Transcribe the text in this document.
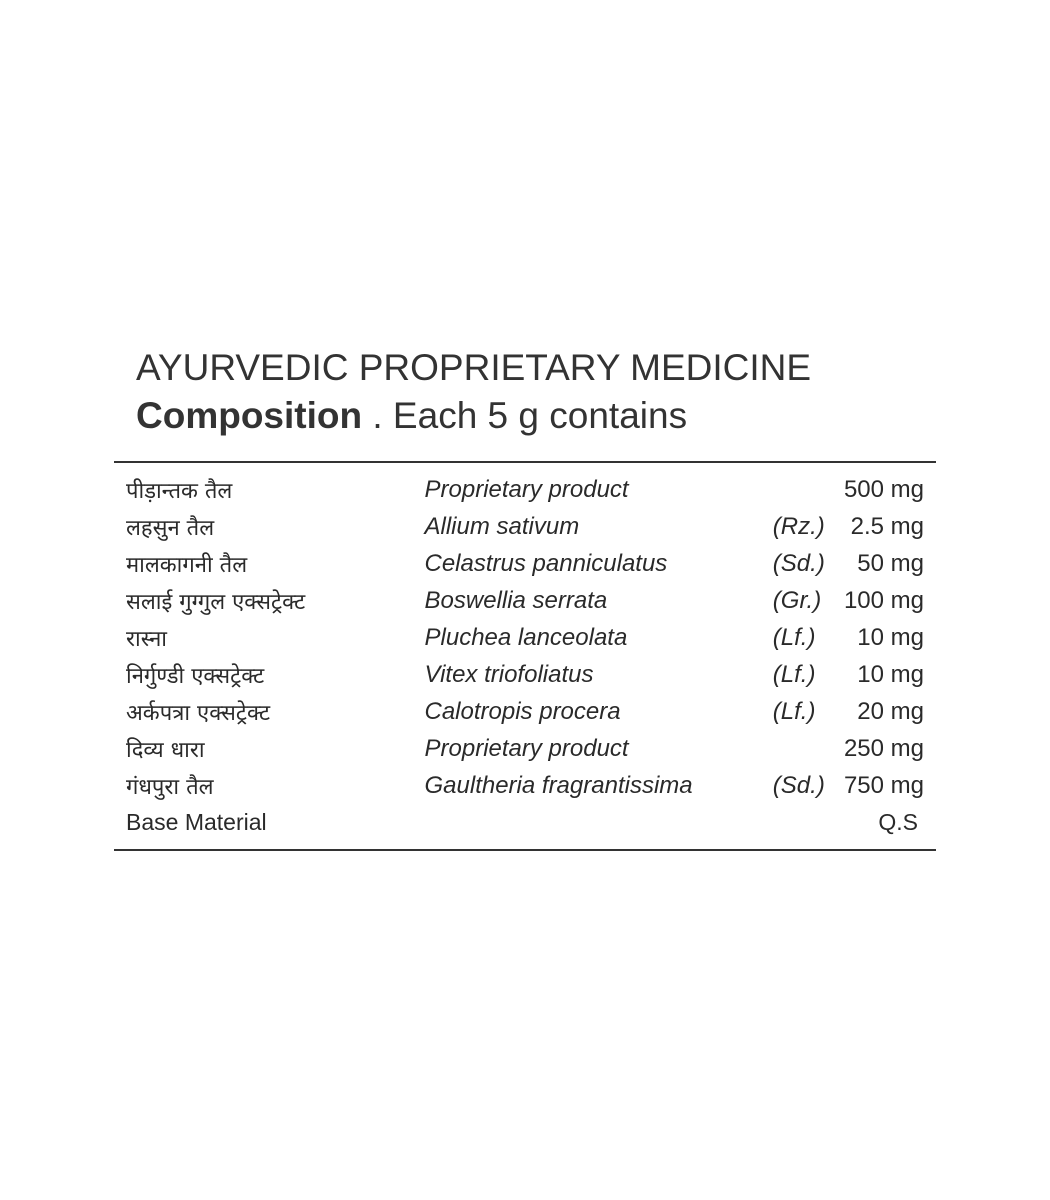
AYURVEDIC PROPRIETARY MEDICINE
Composition . Each 5 g contains
पीड़ान्तक तैल	Proprietary product		500 mg
लहसुन तैल	Allium sativum	(Rz.)	2.5 mg
मालकागनी तैल	Celastrus panniculatus	(Sd.)	50 mg
सलाई गुग्गुल एक्सट्रेक्ट	Boswellia serrata	(Gr.)	100 mg
रास्ना	Pluchea lanceolata	(Lf.)	10 mg
निर्गुण्डी एक्सट्रेक्ट	Vitex triofoliatus	(Lf.)	10 mg
अर्कपत्रा एक्सट्रेक्ट	Calotropis procera	(Lf.)	20 mg
दिव्य धारा	Proprietary product		250 mg
गंधपुरा तैल	Gaultheria fragrantissima	(Sd.)	750 mg
Base Material			Q.S
